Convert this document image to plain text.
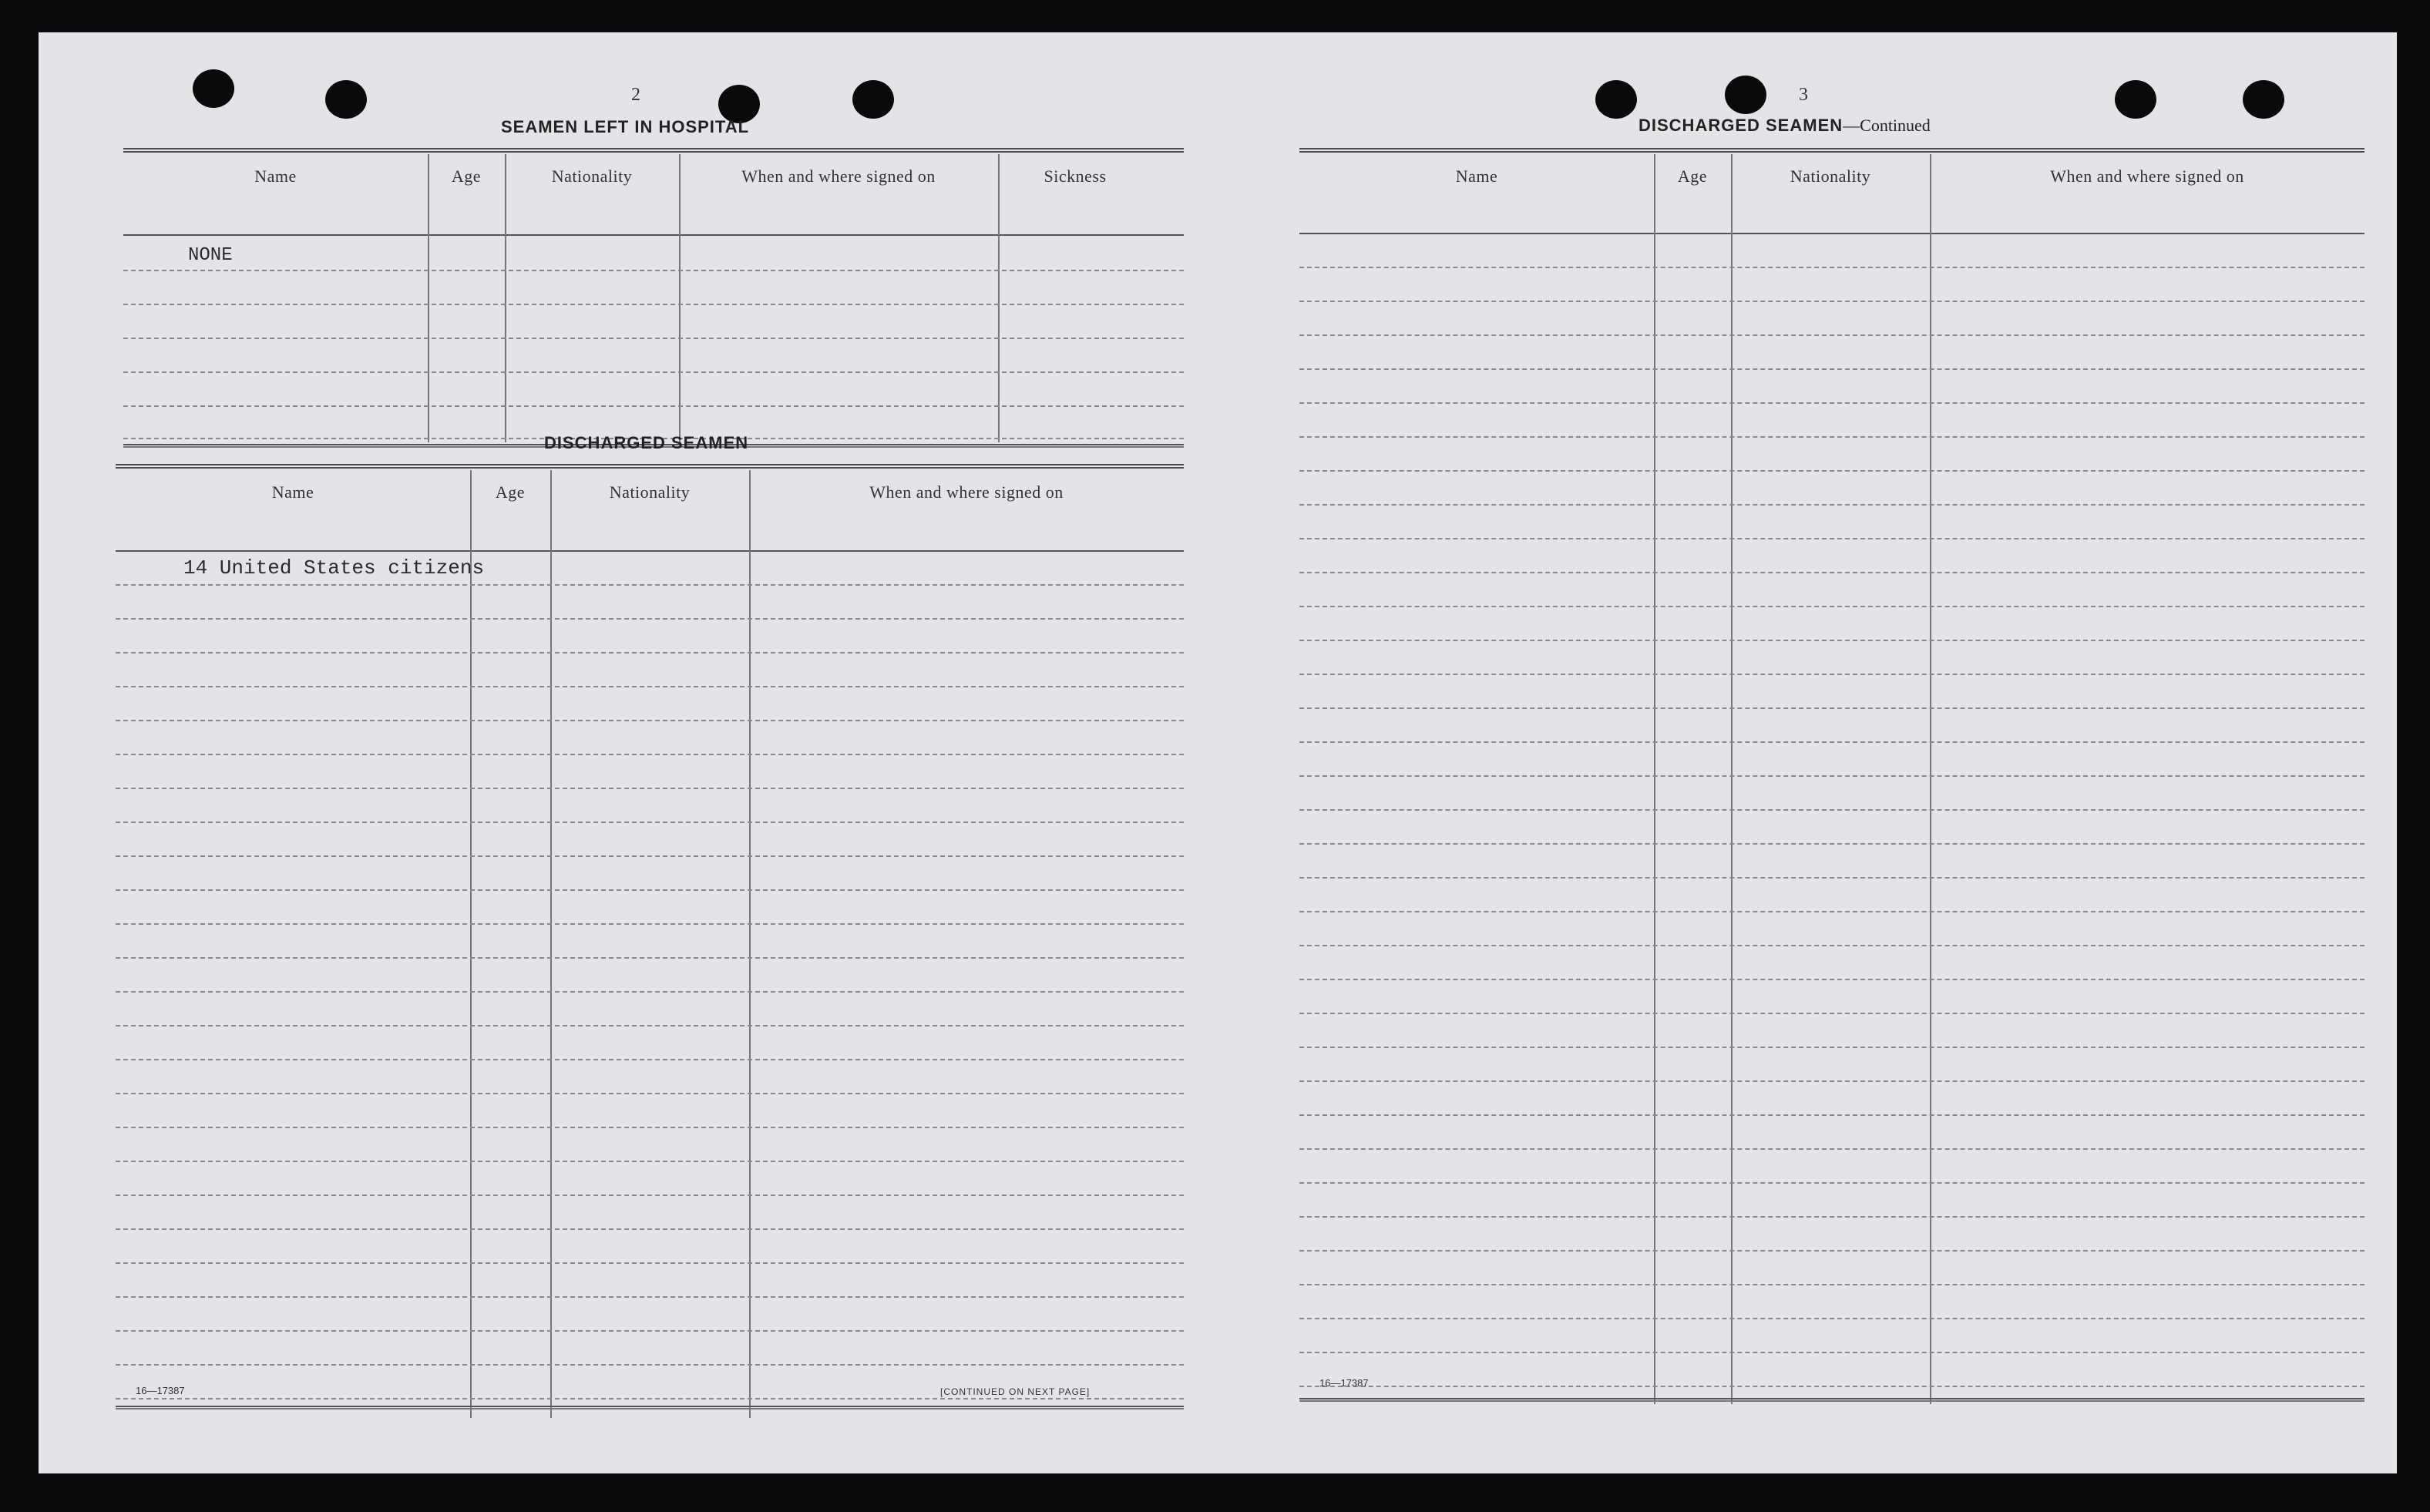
2
SEAMEN LEFT IN HOSPITAL
Name	Age	Nationality	When and where signed on	Sickness
NONE
DISCHARGED SEAMEN
Name	Age	Nationality	When and where signed on
14 United States citizens
16—17387	[CONTINUED ON NEXT PAGE]
3
DISCHARGED SEAMEN—Continued
Name	Age	Nationality	When and where signed on
16—17387
